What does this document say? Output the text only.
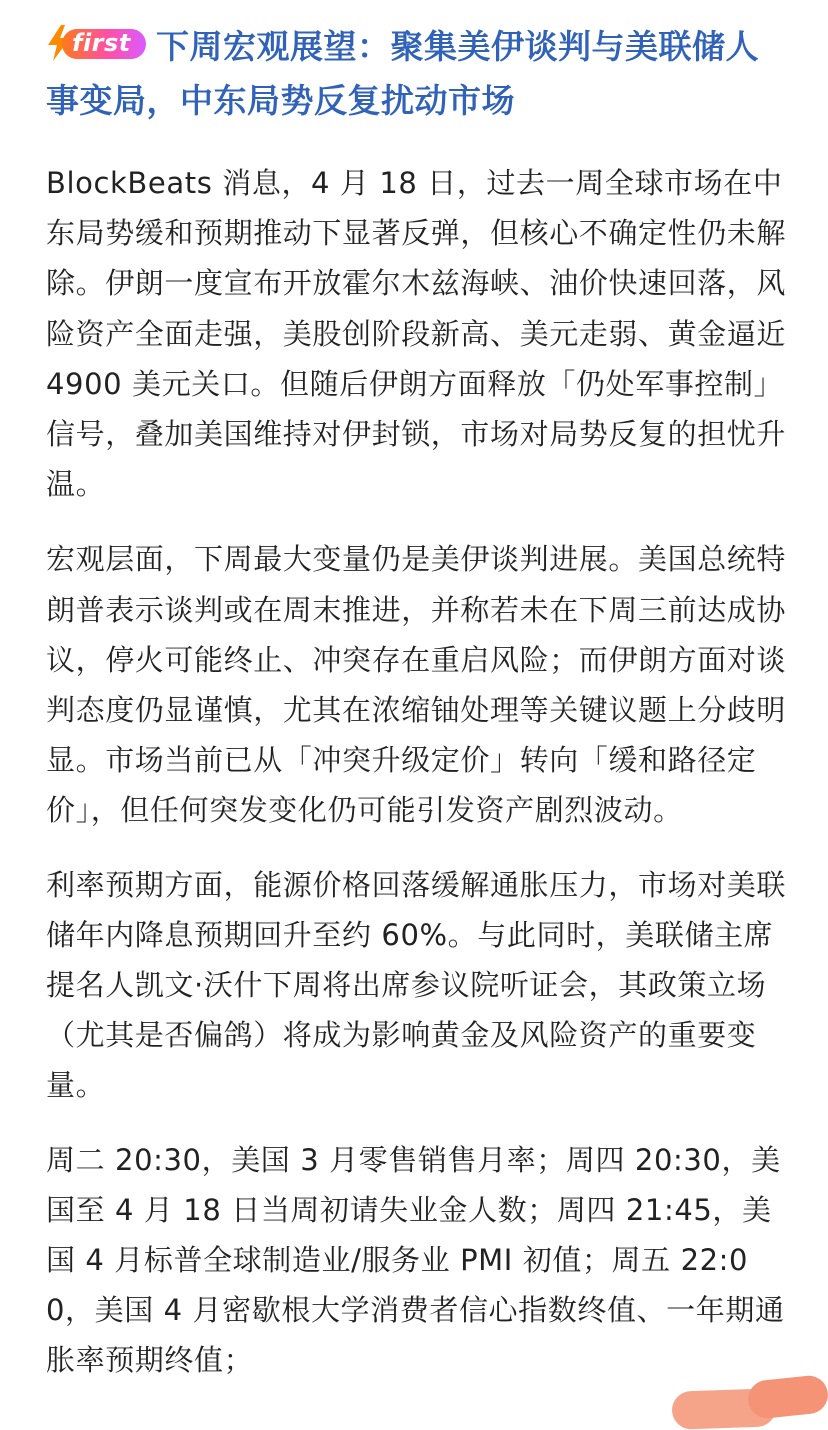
first 下周宏观展望：聚集美伊谈判与美联储人事变局，中东局势反复扰动市场

BlockBeats 消息，4 月 18 日，过去一周全球市场在中东局势缓和预期推动下显著反弹，但核心不确定性仍未解除。伊朗一度宣布开放霍尔木兹海峡、油价快速回落，风险资产全面走强，美股创阶段新高、美元走弱、黄金逼近 4900 美元关口。但随后伊朗方面释放「仍处军事控制」信号，叠加美国维持对伊封锁，市场对局势反复的担忧升温。

宏观层面，下周最大变量仍是美伊谈判进展。美国总统特朗普表示谈判或在周末推进，并称若未在下周三前达成协议，停火可能终止、冲突存在重启风险；而伊朗方面对谈判态度仍显谨慎，尤其在浓缩铀处理等关键议题上分歧明显。市场当前已从「冲突升级定价」转向「缓和路径定价」，但任何突发变化仍可能引发资产剧烈波动。

利率预期方面，能源价格回落缓解通胀压力，市场对美联储年内降息预期回升至约 60%。与此同时，美联储主席提名人凯文·沃什下周将出席参议院听证会，其政策立场（尤其是否偏鸽）将成为影响黄金及风险资产的重要变量。

周二 20:30，美国 3 月零售销售月率；周四 20:30，美国至 4 月 18 日当周初请失业金人数；周四 21:45，美国 4 月标普全球制造业/服务业 PMI 初值；周五 22:00，美国 4 月密歇根大学消费者信心指数终值、一年期通胀率预期终值；
